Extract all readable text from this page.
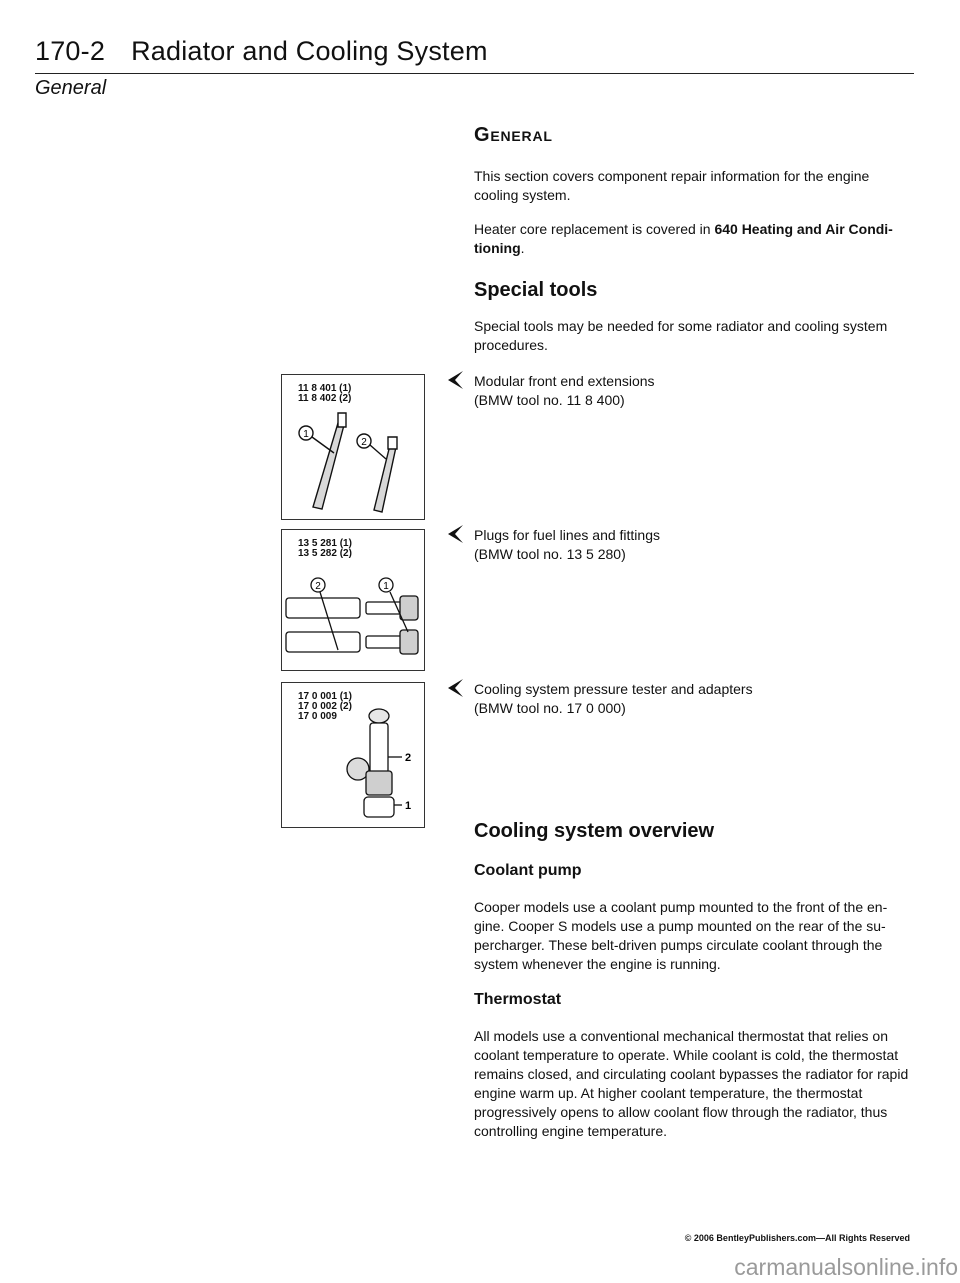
170-2 Radiator and Cooling System
General
General
This section covers component repair information for the engine cooling system.
Heater core replacement is covered in 640 Heating and Air Condi-tioning.
Special tools
Special tools may be needed for some radiator and cooling system procedures.
Modular front end extensions
(BMW tool no. 11 8 400)
1
2
11 8 401 (1)
11 8 402 (2)
Plugs for fuel lines and fittings
(BMW tool no. 13 5 280)
2	1
13 5 281 (1)
13 5 282 (2)
Cooling system pressure tester and adapters
(BMW tool no. 17 0 000)
2
1
17 0 001 (1)
17 0 002 (2)
17 0 009
Cooling system overview
Coolant pump
Cooper models use a coolant pump mounted to the front of the en-gine. Cooper S models use a pump mounted on the rear of the su-percharger. These belt-driven pumps circulate coolant through the system whenever the engine is running.
Thermostat
All models use a conventional mechanical thermostat that relies on coolant temperature to operate. While coolant is cold, the thermostat remains closed, and circulating coolant bypasses the radiator for rapid engine warm up. At higher coolant temperature, the thermostat progressively opens to allow coolant flow through the radiator, thus controlling engine temperature.
© 2006 BentleyPublishers.com—All Rights Reserved
carmanualsonline.info
